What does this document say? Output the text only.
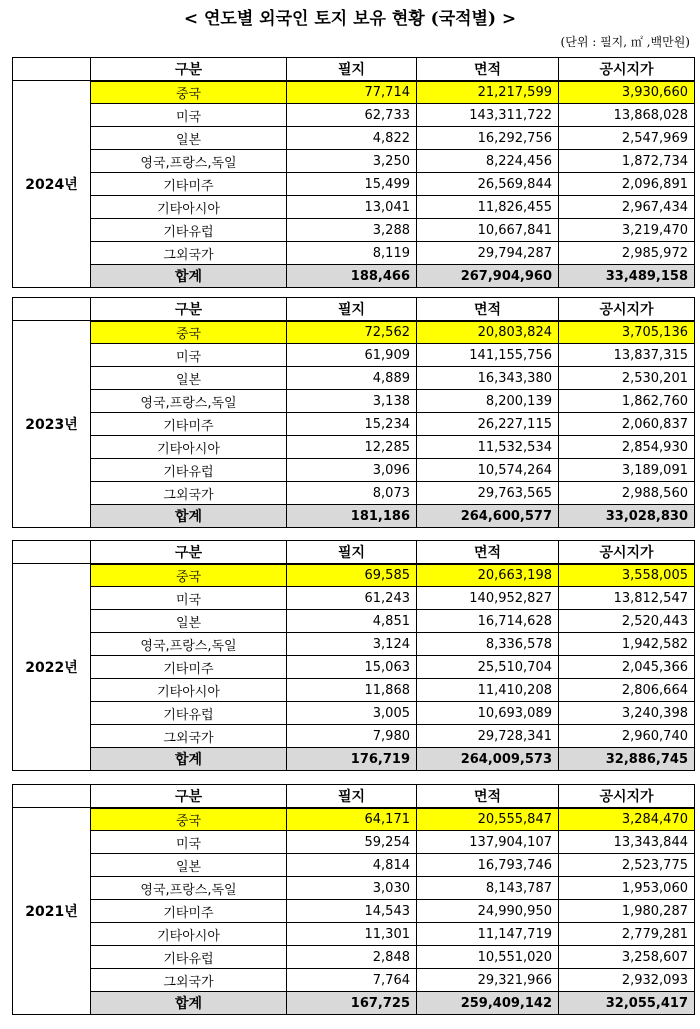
< 연도별 외국인 토지 보유 현황 (국적별) >
(단위 : 필지, ㎡ ,백만원)
	구분	필지	면적	공시지가
2024년	중국	77,714	21,217,599	3,930,660
	미국	62,733	143,311,722	13,868,028
	일본	4,822	16,292,756	2,547,969
	영국,프랑스,독일	3,250	8,224,456	1,872,734
	기타미주	15,499	26,569,844	2,096,891
	기타아시아	13,041	11,826,455	2,967,434
	기타유럽	3,288	10,667,841	3,219,470
	그외국가	8,119	29,794,287	2,985,972
	합계	188,466	267,904,960	33,489,158
	구분	필지	면적	공시지가
2023년	중국	72,562	20,803,824	3,705,136
	미국	61,909	141,155,756	13,837,315
	일본	4,889	16,343,380	2,530,201
	영국,프랑스,독일	3,138	8,200,139	1,862,760
	기타미주	15,234	26,227,115	2,060,837
	기타아시아	12,285	11,532,534	2,854,930
	기타유럽	3,096	10,574,264	3,189,091
	그외국가	8,073	29,763,565	2,988,560
	합계	181,186	264,600,577	33,028,830
	구분	필지	면적	공시지가
2022년	중국	69,585	20,663,198	3,558,005
	미국	61,243	140,952,827	13,812,547
	일본	4,851	16,714,628	2,520,443
	영국,프랑스,독일	3,124	8,336,578	1,942,582
	기타미주	15,063	25,510,704	2,045,366
	기타아시아	11,868	11,410,208	2,806,664
	기타유럽	3,005	10,693,089	3,240,398
	그외국가	7,980	29,728,341	2,960,740
	합계	176,719	264,009,573	32,886,745
	구분	필지	면적	공시지가
2021년	중국	64,171	20,555,847	3,284,470
	미국	59,254	137,904,107	13,343,844
	일본	4,814	16,793,746	2,523,775
	영국,프랑스,독일	3,030	8,143,787	1,953,060
	기타미주	14,543	24,990,950	1,980,287
	기타아시아	11,301	11,147,719	2,779,281
	기타유럽	2,848	10,551,020	3,258,607
	그외국가	7,764	29,321,966	2,932,093
	합계	167,725	259,409,142	32,055,417
